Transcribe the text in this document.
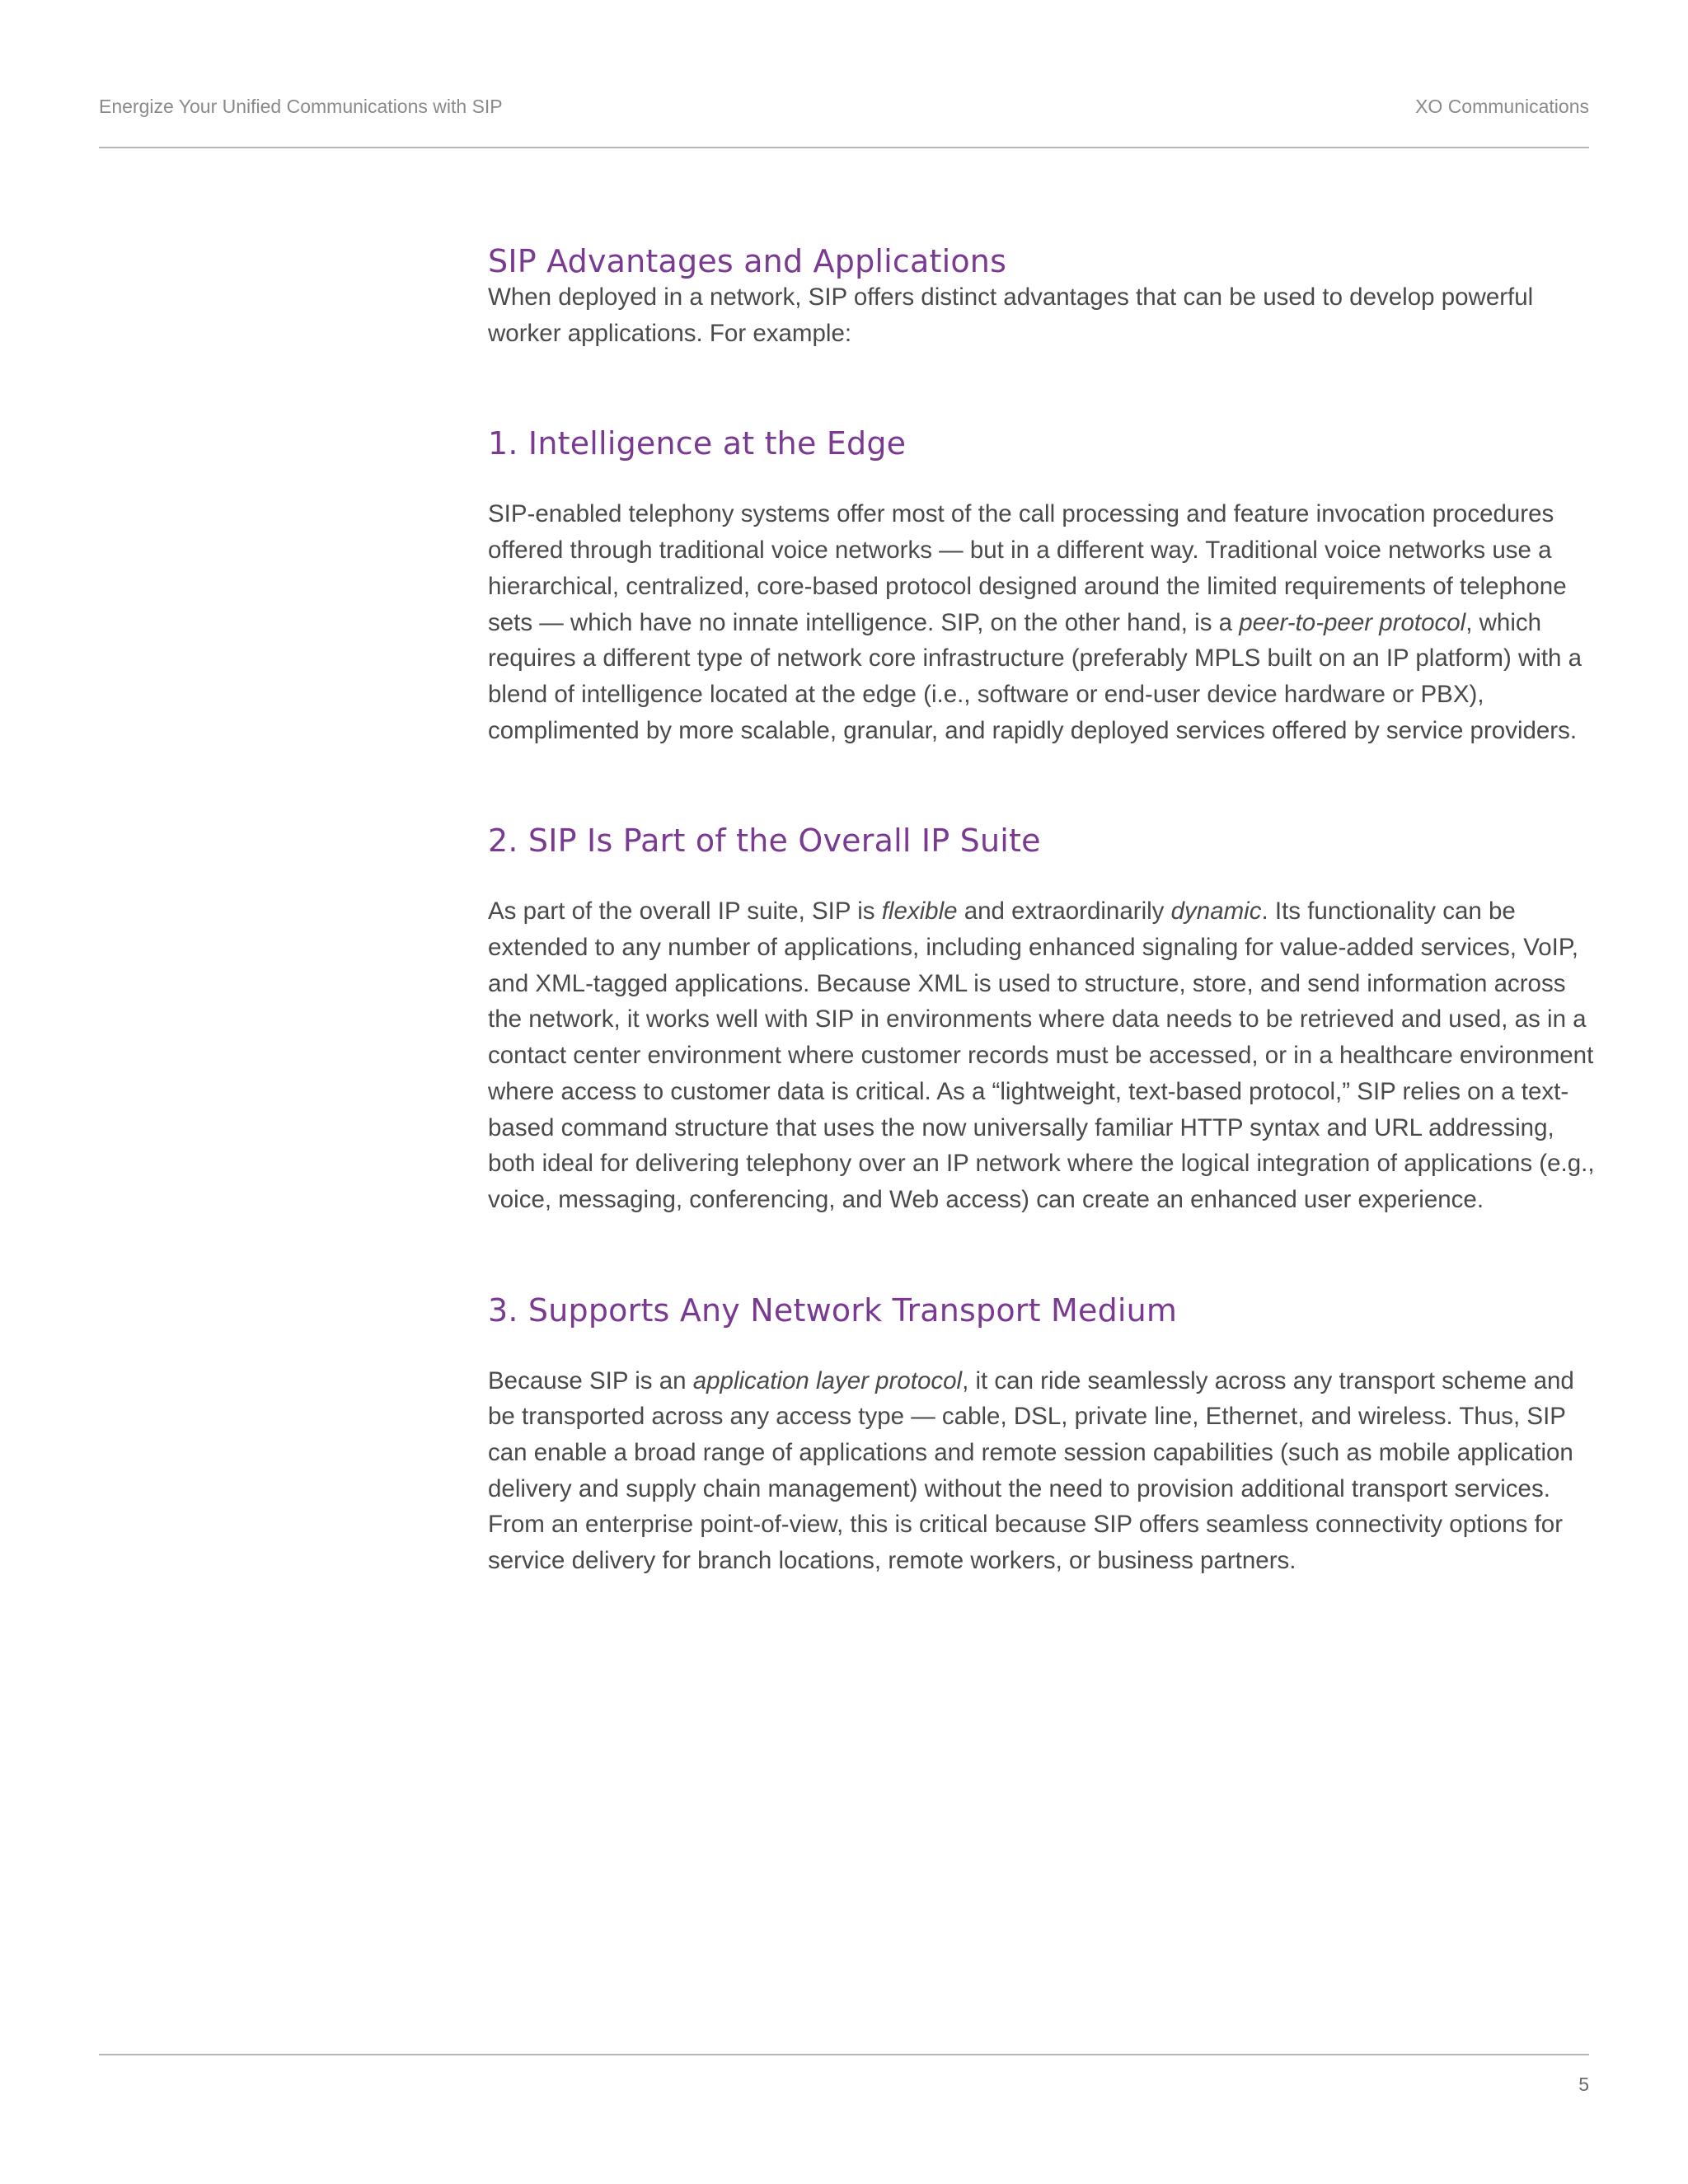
Energize Your Unified Communications with SIP	XO Communications
SIP Advantages and Applications

When deployed in a network, SIP offers distinct advantages that can be used to develop powerful worker applications. For example:

1. Intelligence at the Edge

SIP-enabled telephony systems offer most of the call processing and feature invocation procedures offered through traditional voice networks — but in a different way. Traditional voice networks use a hierarchical, centralized, core-based protocol designed around the limited requirements of telephone sets — which have no innate intelligence. SIP, on the other hand, is a peer-to-peer protocol, which requires a different type of network core infrastructure (preferably MPLS built on an IP platform) with a blend of intelligence located at the edge (i.e., software or end-user device hardware or PBX), complimented by more scalable, granular, and rapidly deployed services offered by service providers.

2. SIP Is Part of the Overall IP Suite

As part of the overall IP suite, SIP is flexible and extraordinarily dynamic. Its functionality can be extended to any number of applications, including enhanced signaling for value-added services, VoIP, and XML-tagged applications. Because XML is used to structure, store, and send information across the network, it works well with SIP in environments where data needs to be retrieved and used, as in a contact center environment where customer records must be accessed, or in a healthcare environment where access to customer data is critical. As a “lightweight, text-based protocol,” SIP relies on a text-based command structure that uses the now universally familiar HTTP syntax and URL addressing, both ideal for delivering telephony over an IP network where the logical integration of applications (e.g., voice, messaging, conferencing, and Web access) can create an enhanced user experience.

3. Supports Any Network Transport Medium

Because SIP is an application layer protocol, it can ride seamlessly across any transport scheme and be transported across any access type — cable, DSL, private line, Ethernet, and wireless. Thus, SIP can enable a broad range of applications and remote session capabilities (such as mobile application delivery and supply chain management) without the need to provision additional transport services. From an enterprise point-of-view, this is critical because SIP offers seamless connectivity options for service delivery for branch locations, remote workers, or business partners.

5
